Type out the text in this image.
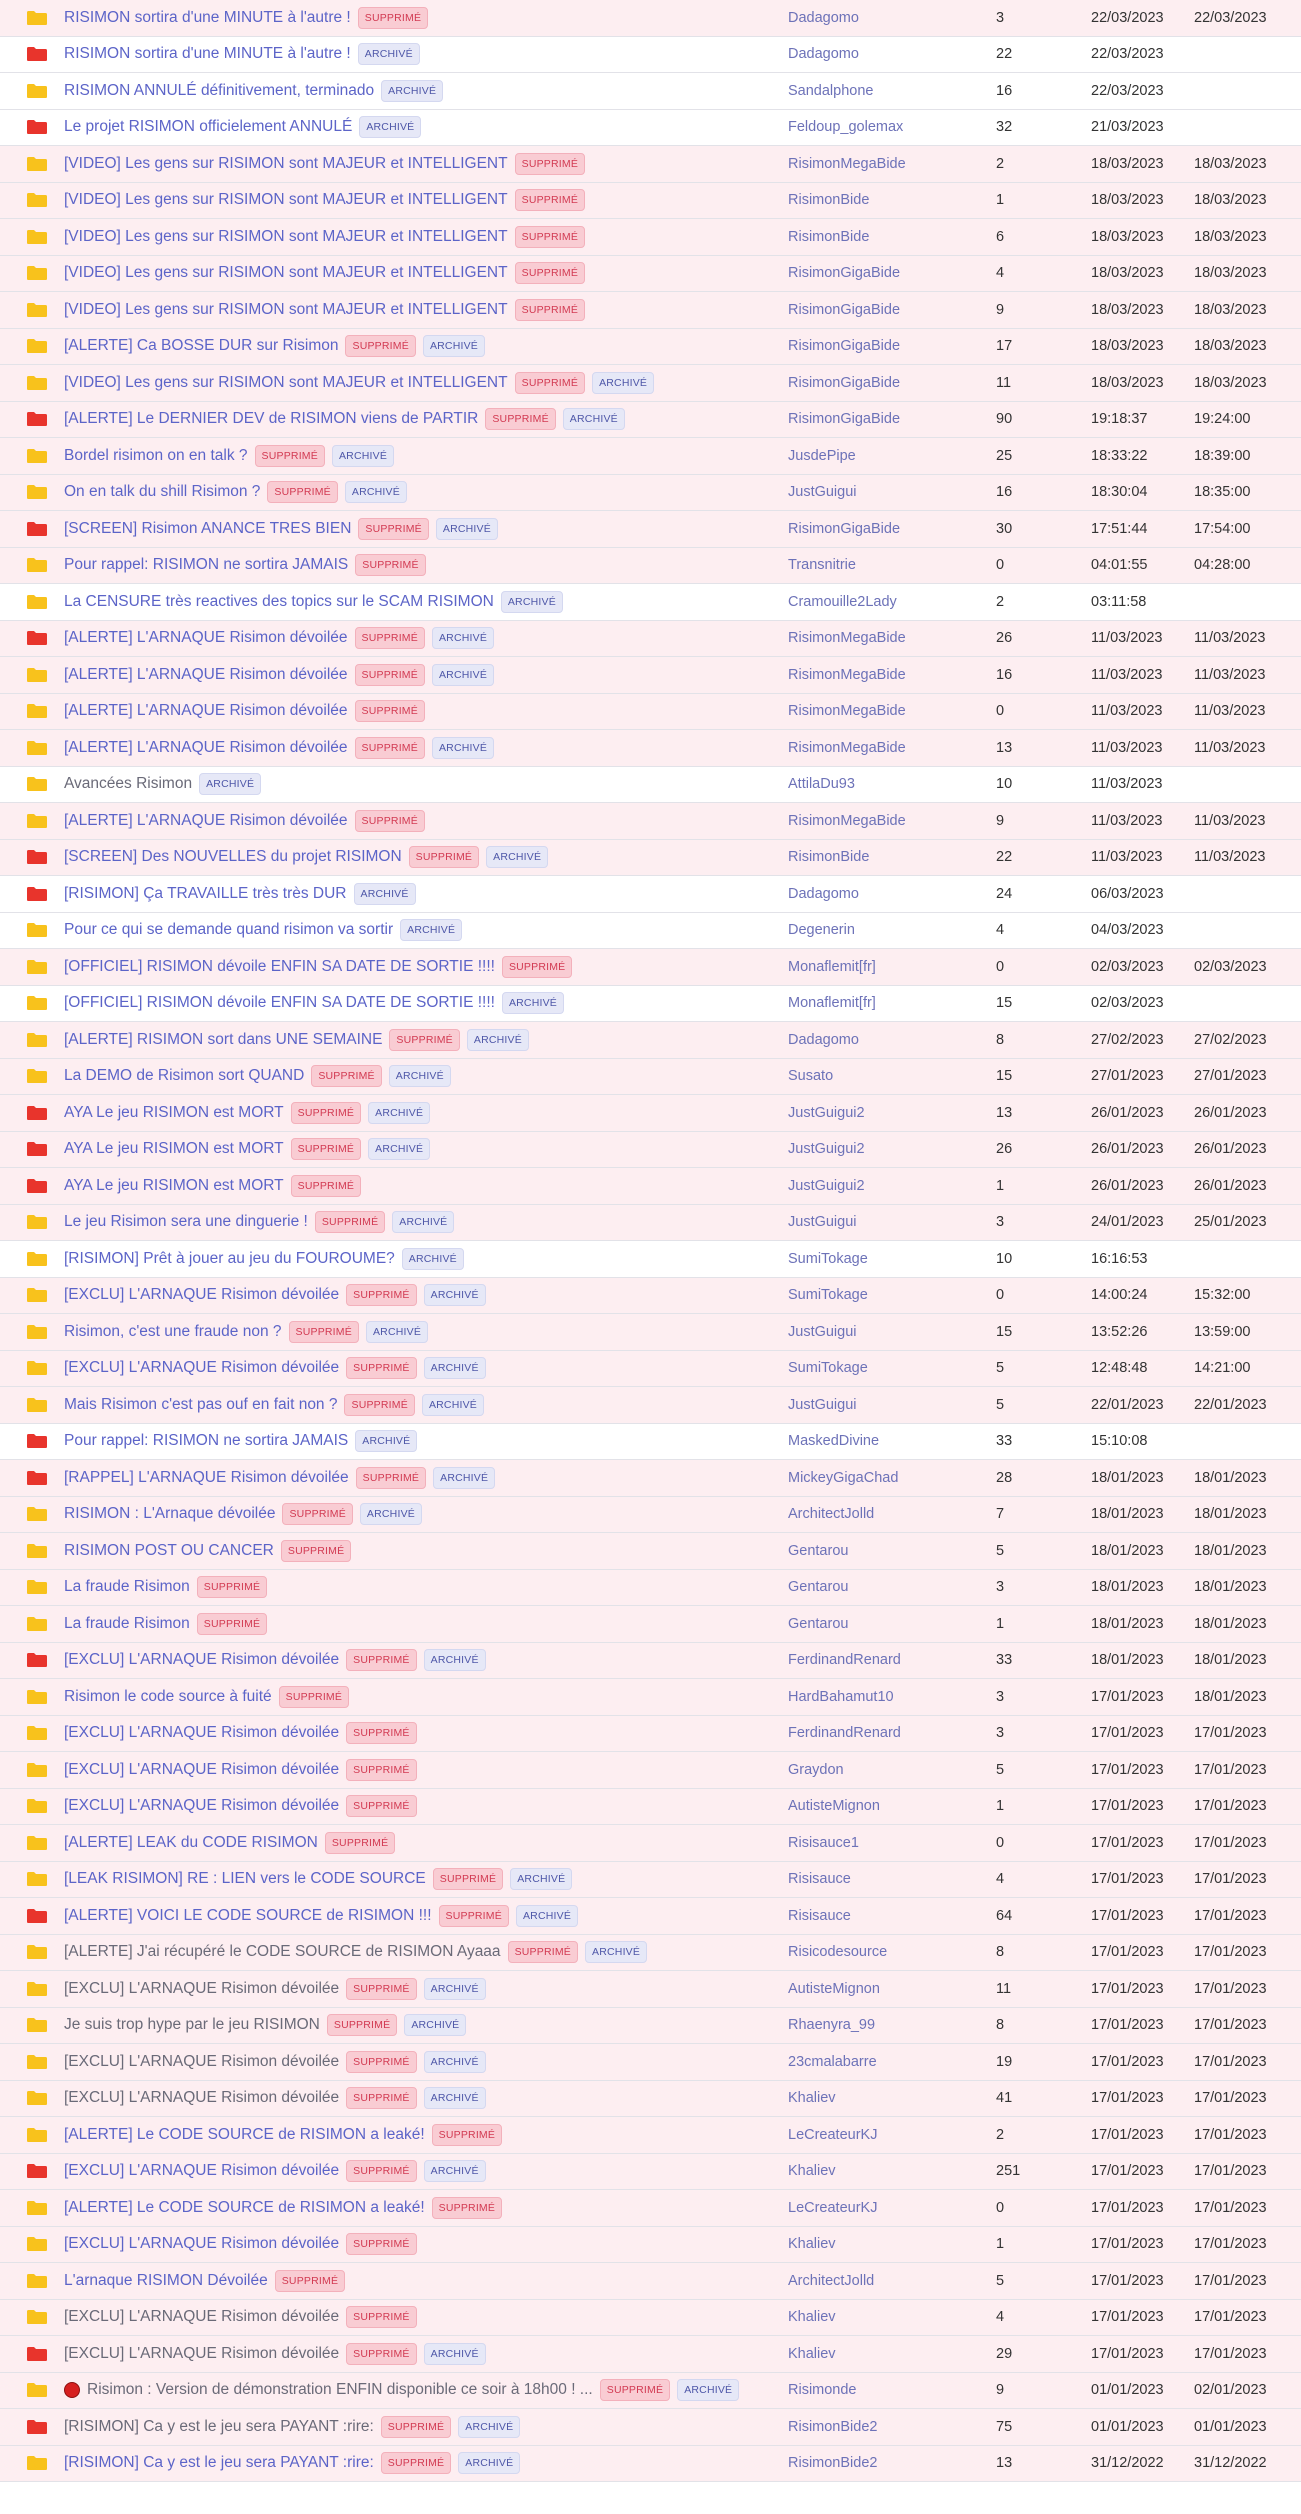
RISIMON sortira d'une MINUTE à l'autre !	SUPPRIMÉ	Dadagomo	3	22/03/2023 22/03/2023
RISIMON sortira d'une MINUTE à l'autre !	ARCHIVÉ	Dadagomo	22	22/03/2023
RISIMON ANNULÉ définitivement, terminado	ARCHIVÉ	Sandalphone	16	22/03/2023
Le projet RISIMON officielement ANNULÉ	ARCHIVÉ	Feldoup_golemax	32	21/03/2023
[VIDEO] Les gens sur RISIMON sont MAJEUR et INTELLIGENT	SUPPRIMÉ	RisimonMegaBide	2	18/03/2023 18/03/2023
[VIDEO] Les gens sur RISIMON sont MAJEUR et INTELLIGENT	SUPPRIMÉ	RisimonBide	1	18/03/2023 18/03/2023
[VIDEO] Les gens sur RISIMON sont MAJEUR et INTELLIGENT	SUPPRIMÉ	RisimonBide	6	18/03/2023 18/03/2023
[VIDEO] Les gens sur RISIMON sont MAJEUR et INTELLIGENT	SUPPRIMÉ	RisimonGigaBide	4	18/03/2023 18/03/2023
[VIDEO] Les gens sur RISIMON sont MAJEUR et INTELLIGENT	SUPPRIMÉ	RisimonGigaBide	9	18/03/2023 18/03/2023
[ALERTE] Ca BOSSE DUR sur Risimon	SUPPRIMÉ	ARCHIVÉ	RisimonGigaBide	17	18/03/2023 18/03/2023
[VIDEO] Les gens sur RISIMON sont MAJEUR et INTELLIGENT	SUPPRIMÉ	ARCHIVÉ	RisimonGigaBide	11	18/03/2023 18/03/2023
[ALERTE] Le DERNIER DEV de RISIMON viens de PARTIR	SUPPRIMÉ	ARCHIVÉ	RisimonGigaBide	90	19:18:37	19:24:00
Bordel risimon on en talk ?	SUPPRIMÉ	ARCHIVÉ	JusdePipe	25	18:33:22	18:39:00
On en talk du shill Risimon ?	SUPPRIMÉ	ARCHIVÉ	JustGuigui	16	18:30:04	18:35:00
[SCREEN] Risimon ANANCE TRES BIEN	SUPPRIMÉ	ARCHIVÉ	RisimonGigaBide	30	17:51:44	17:54:00
Pour rappel: RISIMON ne sortira JAMAIS	SUPPRIMÉ	Transnitrie	0	04:01:55	04:28:00
La CENSURE très reactives des topics sur le SCAM RISIMON	ARCHIVÉ	Cramouille2Lady	2	03:11:58
[ALERTE] L'ARNAQUE Risimon dévoilée	SUPPRIMÉ	ARCHIVÉ	RisimonMegaBide	26	11/03/2023 11/03/2023
[ALERTE] L'ARNAQUE Risimon dévoilée	SUPPRIMÉ	ARCHIVÉ	RisimonMegaBide	16	11/03/2023 11/03/2023
[ALERTE] L'ARNAQUE Risimon dévoilée	SUPPRIMÉ	RisimonMegaBide	0	11/03/2023 11/03/2023
[ALERTE] L'ARNAQUE Risimon dévoilée	SUPPRIMÉ	ARCHIVÉ	RisimonMegaBide	13	11/03/2023 11/03/2023
Avancées Risimon	ARCHIVÉ	AttilaDu93	10	11/03/2023
[ALERTE] L'ARNAQUE Risimon dévoilée	SUPPRIMÉ	RisimonMegaBide	9	11/03/2023 11/03/2023
[SCREEN] Des NOUVELLES du projet RISIMON	SUPPRIMÉ	ARCHIVÉ	RisimonBide	22	11/03/2023 11/03/2023
[RISIMON] Ça TRAVAILLE très très DUR	ARCHIVÉ	Dadagomo	24	06/03/2023
Pour ce qui se demande quand risimon va sortir	ARCHIVÉ	Degenerin	4	04/03/2023
[OFFICIEL] RISIMON dévoile ENFIN SA DATE DE SORTIE !!!!	SUPPRIMÉ	Monaflemit[fr]	0	02/03/2023 02/03/2023
[OFFICIEL] RISIMON dévoile ENFIN SA DATE DE SORTIE !!!!	ARCHIVÉ	Monaflemit[fr]	15	02/03/2023
[ALERTE] RISIMON sort dans UNE SEMAINE	SUPPRIMÉ	ARCHIVÉ	Dadagomo	8	27/02/2023 27/02/2023
La DEMO de Risimon sort QUAND	SUPPRIMÉ	ARCHIVÉ	Susato	15	27/01/2023 27/01/2023
AYA Le jeu RISIMON est MORT	SUPPRIMÉ	ARCHIVÉ	JustGuigui2	13	26/01/2023 26/01/2023
AYA Le jeu RISIMON est MORT	SUPPRIMÉ	ARCHIVÉ	JustGuigui2	26	26/01/2023 26/01/2023
AYA Le jeu RISIMON est MORT	SUPPRIMÉ	JustGuigui2	1	26/01/2023 26/01/2023
Le jeu Risimon sera une dinguerie !	SUPPRIMÉ	ARCHIVÉ	JustGuigui	3	24/01/2023 25/01/2023
[RISIMON] Prêt à jouer au jeu du FOUROUME?	ARCHIVÉ	SumiTokage	10	16:16:53
[EXCLU] L'ARNAQUE Risimon dévoilée	SUPPRIMÉ	ARCHIVÉ	SumiTokage	0	14:00:24	15:32:00
Risimon, c'est une fraude non ?	SUPPRIMÉ	ARCHIVÉ	JustGuigui	15	13:52:26	13:59:00
[EXCLU] L'ARNAQUE Risimon dévoilée	SUPPRIMÉ	ARCHIVÉ	SumiTokage	5	12:48:48	14:21:00
Mais Risimon c'est pas ouf en fait non ?	SUPPRIMÉ	ARCHIVÉ	JustGuigui	5	22/01/2023 22/01/2023
Pour rappel: RISIMON ne sortira JAMAIS	ARCHIVÉ	MaskedDivine	33	15:10:08
[RAPPEL] L'ARNAQUE Risimon dévoilée	SUPPRIMÉ	ARCHIVÉ	MickeyGigaChad	28	18/01/2023 18/01/2023
RISIMON : L'Arnaque dévoilée	SUPPRIMÉ	ARCHIVÉ	ArchitectJolld	7	18/01/2023 18/01/2023
RISIMON POST OU CANCER	SUPPRIMÉ	Gentarou	5	18/01/2023 18/01/2023
La fraude Risimon	SUPPRIMÉ	Gentarou	3	18/01/2023 18/01/2023
La fraude Risimon	SUPPRIMÉ	Gentarou	1	18/01/2023 18/01/2023
[EXCLU] L'ARNAQUE Risimon dévoilée	SUPPRIMÉ	ARCHIVÉ	FerdinandRenard	33	18/01/2023 18/01/2023
Risimon le code source à fuité	SUPPRIMÉ	HardBahamut10	3	17/01/2023 18/01/2023
[EXCLU] L'ARNAQUE Risimon dévoilée	SUPPRIMÉ	FerdinandRenard	3	17/01/2023 17/01/2023
[EXCLU] L'ARNAQUE Risimon dévoilée	SUPPRIMÉ	Graydon	5	17/01/2023 17/01/2023
[EXCLU] L'ARNAQUE Risimon dévoilée	SUPPRIMÉ	AutisteMignon	1	17/01/2023 17/01/2023
[ALERTE] LEAK du CODE RISIMON	SUPPRIMÉ	Risisauce1	0	17/01/2023 17/01/2023
[LEAK RISIMON] RE : LIEN vers le CODE SOURCE	SUPPRIMÉ	ARCHIVÉ	Risisauce	4	17/01/2023 17/01/2023
[ALERTE] VOICI LE CODE SOURCE de RISIMON !!!	SUPPRIMÉ	ARCHIVÉ	Risisauce	64	17/01/2023 17/01/2023
[ALERTE] J'ai récupéré le CODE SOURCE de RISIMON Ayaaa	SUPPRIMÉ	ARCHIVÉ	Risicodesource	8	17/01/2023 17/01/2023
[EXCLU] L'ARNAQUE Risimon dévoilée	SUPPRIMÉ	ARCHIVÉ	AutisteMignon	11	17/01/2023 17/01/2023
Je suis trop hype par le jeu RISIMON	SUPPRIMÉ	ARCHIVÉ	Rhaenyra_99	8	17/01/2023 17/01/2023
[EXCLU] L'ARNAQUE Risimon dévoilée	SUPPRIMÉ	ARCHIVÉ	23cmalabarre	19	17/01/2023 17/01/2023
[EXCLU] L'ARNAQUE Risimon dévoilée	SUPPRIMÉ	ARCHIVÉ	Khaliev	41	17/01/2023 17/01/2023
[ALERTE] Le CODE SOURCE de RISIMON a leaké!	SUPPRIMÉ	LeCreateurKJ	2	17/01/2023 17/01/2023
[EXCLU] L'ARNAQUE Risimon dévoilée	SUPPRIMÉ	ARCHIVÉ	Khaliev	251	17/01/2023 17/01/2023
[ALERTE] Le CODE SOURCE de RISIMON a leaké!	SUPPRIMÉ	LeCreateurKJ	0	17/01/2023 17/01/2023
[EXCLU] L'ARNAQUE Risimon dévoilée	SUPPRIMÉ	Khaliev	1	17/01/2023 17/01/2023
L'arnaque RISIMON Dévoilée	SUPPRIMÉ	ArchitectJolld	5	17/01/2023 17/01/2023
[EXCLU] L'ARNAQUE Risimon dévoilée	SUPPRIMÉ	Khaliev	4	17/01/2023 17/01/2023
[EXCLU] L'ARNAQUE Risimon dévoilée	SUPPRIMÉ	ARCHIVÉ	Khaliev	29	17/01/2023 17/01/2023
Risimon : Version de démonstration ENFIN disponible ce soir à 18h00 ! ...	SUPPRIMÉ	ARCHIVÉ	Risimonde	9	01/01/2023 02/01/2023
[RISIMON] Ca y est le jeu sera PAYANT :rire:	SUPPRIMÉ	ARCHIVÉ	RisimonBide2	75	01/01/2023 01/01/2023
[RISIMON] Ca y est le jeu sera PAYANT :rire:	SUPPRIMÉ	ARCHIVÉ	RisimonBide2	13	31/12/2022 31/12/2022
